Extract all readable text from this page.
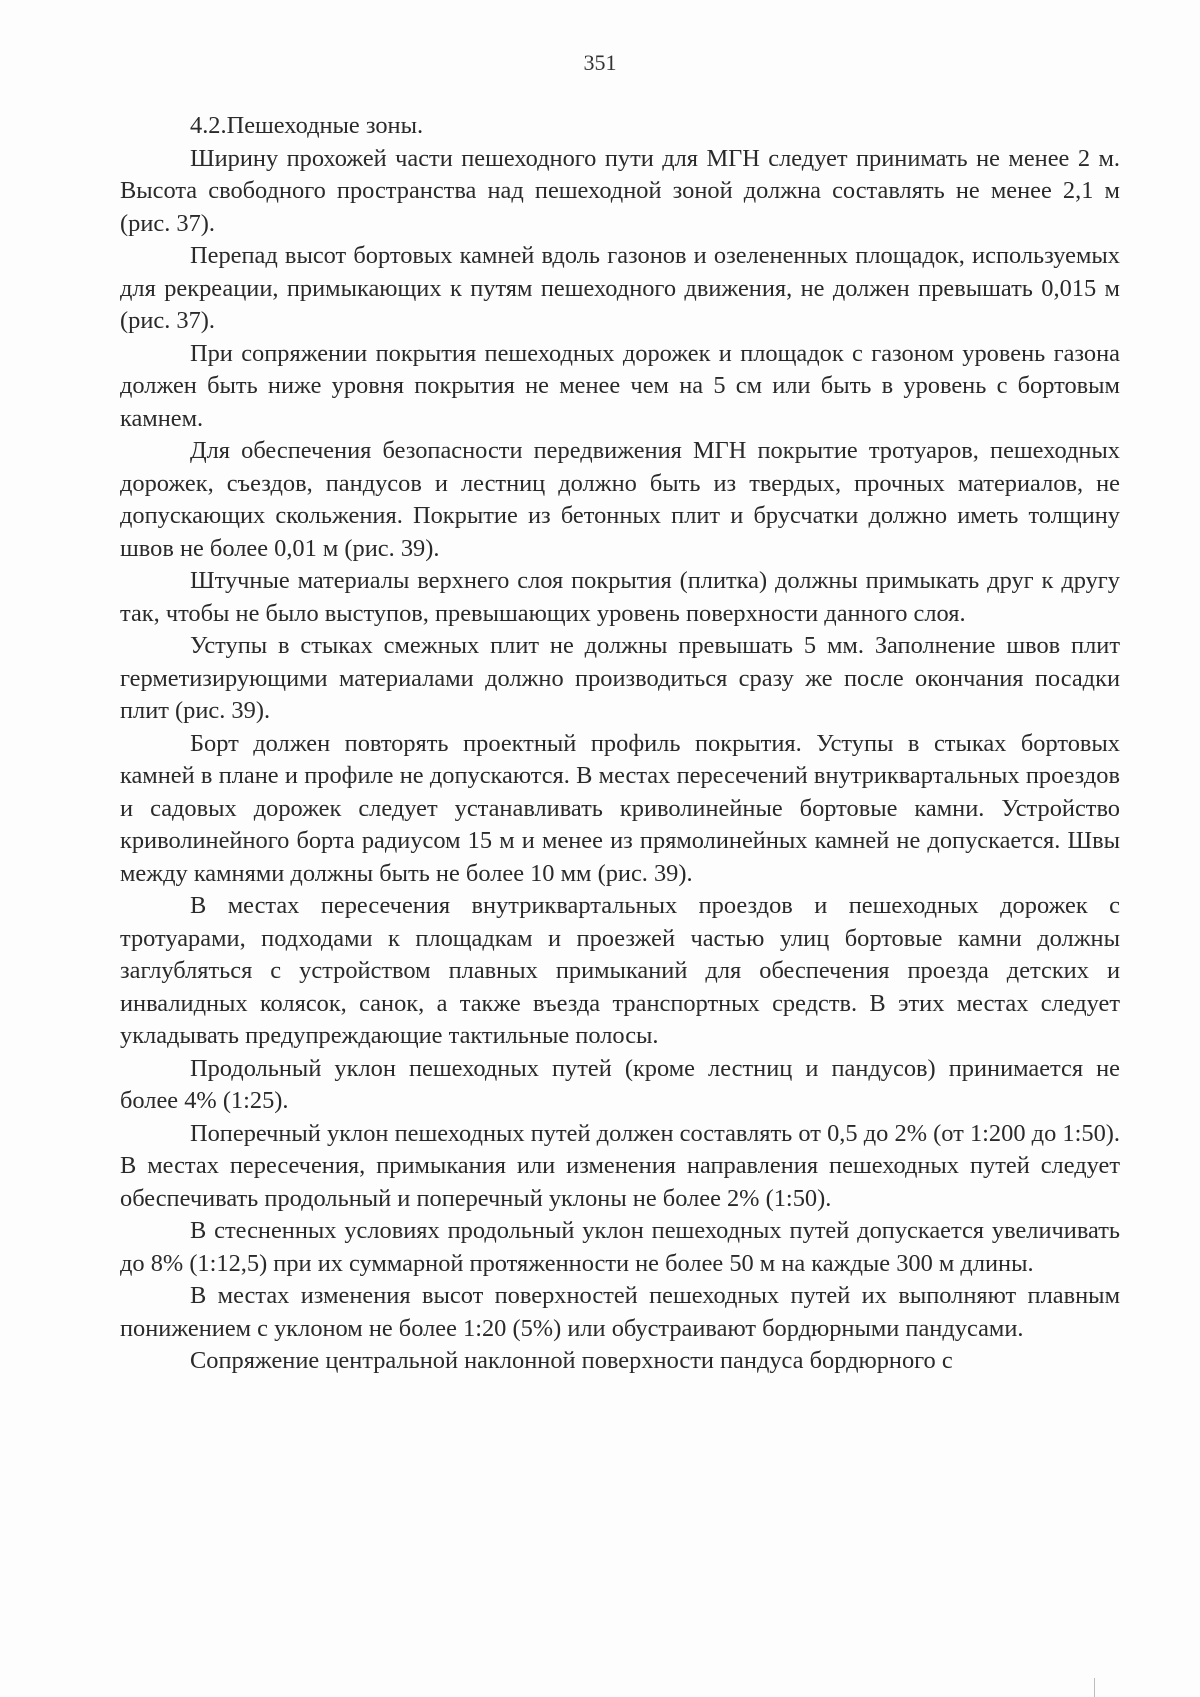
351
4.2.Пешеходные зоны.

Ширину прохожей части пешеходного пути для МГН следует принимать не менее 2 м. Высота свободного пространства над пешеходной зоной должна составлять не менее 2,1 м (рис. 37).

Перепад высот бортовых камней вдоль газонов и озелененных площадок, используемых для рекреации, примыкающих к путям пешеходного движения, не должен превышать 0,015 м (рис. 37).

При сопряжении покрытия пешеходных дорожек и площадок с газоном уровень газона должен быть ниже уровня покрытия не менее чем на 5 см или быть в уровень с бортовым камнем.

Для обеспечения безопасности передвижения МГН покрытие тротуаров, пешеходных дорожек, съездов, пандусов и лестниц должно быть из твердых, прочных материалов, не допускающих скольжения. Покрытие из бетонных плит и брусчатки должно иметь толщину швов не более 0,01 м (рис. 39).

Штучные материалы верхнего слоя покрытия (плитка) должны примыкать друг к другу так, чтобы не было выступов, превышающих уровень поверхности данного слоя.

Уступы в стыках смежных плит не должны превышать 5 мм. Заполнение швов плит герметизирующими материалами должно производиться сразу же после окончания посадки плит (рис. 39).

Борт должен повторять проектный профиль покрытия. Уступы в стыках бортовых камней в плане и профиле не допускаются. В местах пересечений внутриквартальных проездов и садовых дорожек следует устанавливать криволинейные бортовые камни. Устройство криволинейного борта радиусом 15 м и менее из прямолинейных камней не допускается. Швы между камнями должны быть не более 10 мм (рис. 39).

В местах пересечения внутриквартальных проездов и пешеходных дорожек с тротуарами, подходами к площадкам и проезжей частью улиц бортовые камни должны заглубляться с устройством плавных примыканий для обеспечения проезда детских и инвалидных колясок, санок, а также въезда транспортных средств. В этих местах следует укладывать предупреждающие тактильные полосы.

Продольный уклон пешеходных путей (кроме лестниц и пандусов) принимается не более 4% (1:25).

Поперечный уклон пешеходных путей должен составлять от 0,5 до 2% (от 1:200 до 1:50). В местах пересечения, примыкания или изменения направления пешеходных путей следует обеспечивать продольный и поперечный уклоны не более 2% (1:50).

В стесненных условиях продольный уклон пешеходных путей допускается увеличивать до 8% (1:12,5) при их суммарной протяженности не более 50 м на каждые 300 м длины.

В местах изменения высот поверхностей пешеходных путей их выполняют плавным понижением с уклоном не более 1:20 (5%) или обустраивают бордюрными пандусами.

Сопряжение центральной наклонной поверхности пандуса бордюрного с
